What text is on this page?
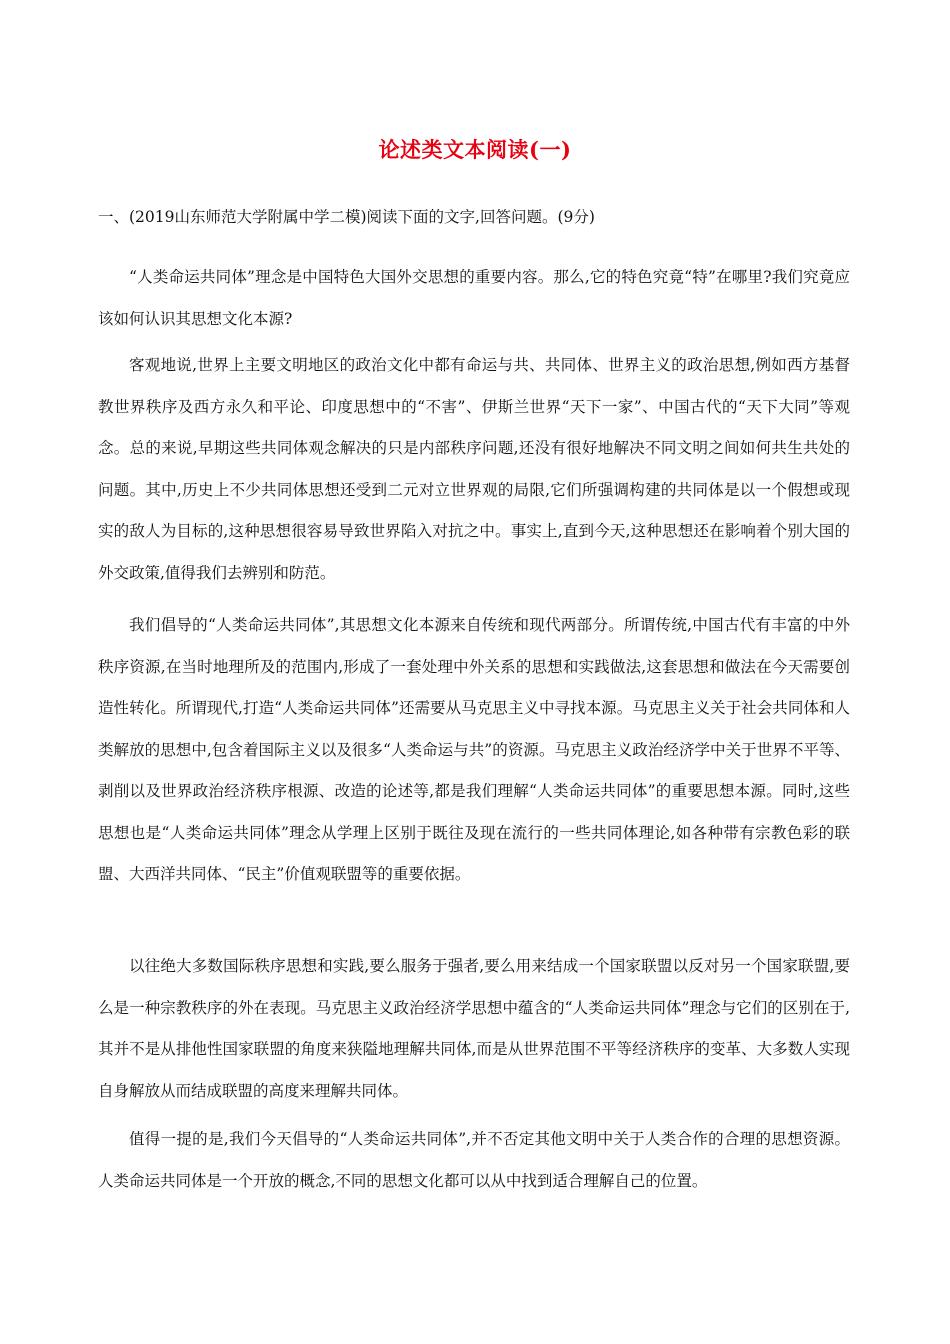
论述类文本阅读(一)

一、(2019山东师范大学附属中学二模)阅读下面的文字,回答问题。(9分)

“人类命运共同体”理念是中国特色大国外交思想的重要内容。那么,它的特色究竟“特”在哪里?我们究竟应该如何认识其思想文化本源?

客观地说,世界上主要文明地区的政治文化中都有命运与共、共同体、世界主义的政治思想,例如西方基督教世界秩序及西方永久和平论、印度思想中的“不害”、伊斯兰世界“天下一家”、中国古代的“天下大同”等观念。总的来说,早期这些共同体观念解决的只是内部秩序问题,还没有很好地解决不同文明之间如何共生共处的问题。其中,历史上不少共同体思想还受到二元对立世界观的局限,它们所强调构建的共同体是以一个假想或现实的敌人为目标的,这种思想很容易导致世界陷入对抗之中。事实上,直到今天,这种思想还在影响着个别大国的外交政策,值得我们去辨别和防范。

我们倡导的“人类命运共同体”,其思想文化本源来自传统和现代两部分。所谓传统,中国古代有丰富的中外秩序资源,在当时地理所及的范围内,形成了一套处理中外关系的思想和实践做法,这套思想和做法在今天需要创造性转化。所谓现代,打造“人类命运共同体”还需要从马克思主义中寻找本源。马克思主义关于社会共同体和人类解放的思想中,包含着国际主义以及很多“人类命运与共”的资源。马克思主义政治经济学中关于世界不平等、剥削以及世界政治经济秩序根源、改造的论述等,都是我们理解“人类命运共同体”的重要思想本源。同时,这些思想也是“人类命运共同体”理念从学理上区别于既往及现在流行的一些共同体理论,如各种带有宗教色彩的联盟、大西洋共同体、“民主”价值观联盟等的重要依据。

以往绝大多数国际秩序思想和实践,要么服务于强者,要么用来结成一个国家联盟以反对另一个国家联盟,要么是一种宗教秩序的外在表现。马克思主义政治经济学思想中蕴含的“人类命运共同体”理念与它们的区别在于,其并不是从排他性国家联盟的角度来狭隘地理解共同体,而是从世界范围不平等经济秩序的变革、大多数人实现自身解放从而结成联盟的高度来理解共同体。

值得一提的是,我们今天倡导的“人类命运共同体”,并不否定其他文明中关于人类合作的合理的思想资源。人类命运共同体是一个开放的概念,不同的思想文化都可以从中找到适合理解自己的位置。
